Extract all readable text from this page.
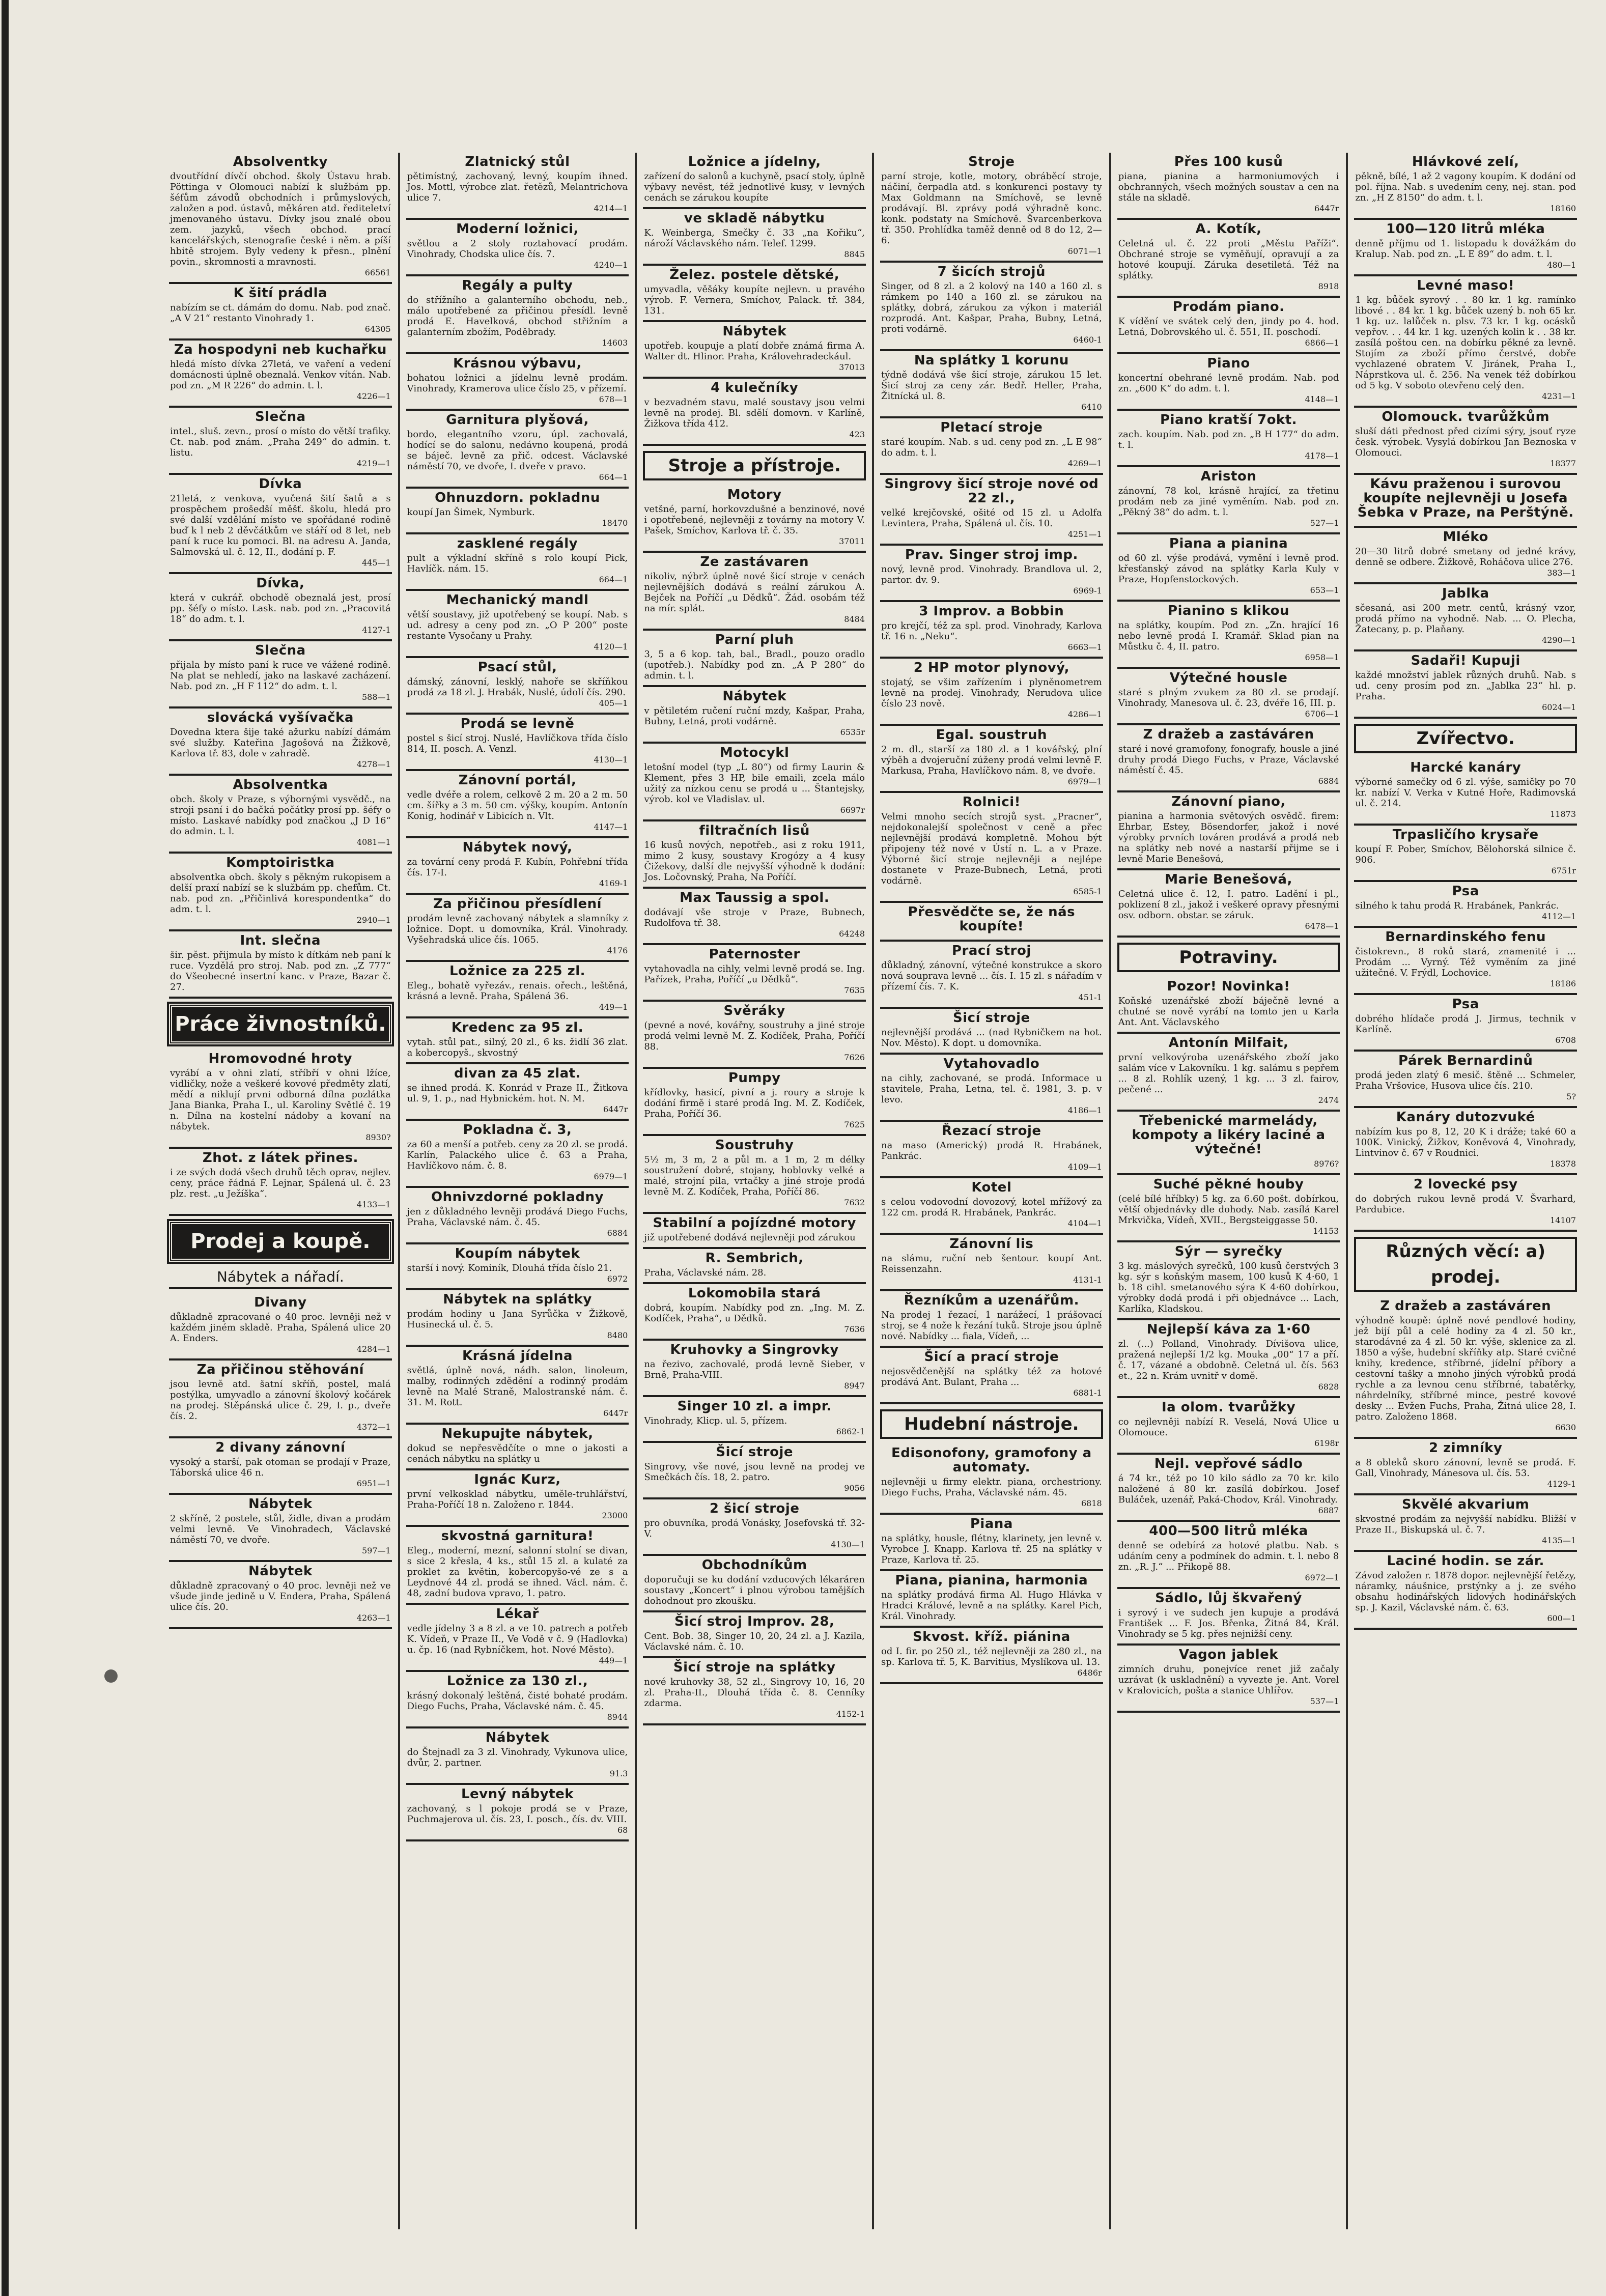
Absolventky

dvoutřídní dívčí obchod. školy Ústavu hrab. Pöttinga v Olomouci nabízí k službám pp. šéfům závodů obchodních i průmyslových, založen a pod. ústavů, měkáren atd. řediteletví jmenovaného ústavu. Dívky jsou znalé obou zem. jazyků, všech obchod. prací kancelářských, stenografie české i něm. a píší hbitě strojem. Byly vedeny k přesn., plnění povin., skromnosti a mravnosti.

66561
K šití prádla

nabízím se ct. dámám do domu. Nab. pod znač. „A V 21“ restanto Vinohrady 1.

64305
Za hospodyni neb kuchařku

hledá místo dívka 27letá, ve vaření a vedení domácnosti úplně obeznalá. Venkov vítán. Nab. pod zn. „M R 226“ do admin. t. l.

4226—1
Slečna

intel., sluš. zevn., prosí o místo do větší trafiky. Ct. nab. pod znám. „Praha 249“ do admin. t. listu.

4219—1
Dívka

21letá, z venkova, vyučená šití šatů a s prospěchem prošedší měšť. školu, hledá pro své další vzdělání místo ve spořádané rodině buď k l neb 2 děvčátkům ve stáří od 8 let, neb paní k ruce ku pomoci. Bl. na adresu A. Janda, Salmovská ul. č. 12, II., dodání p. F.

445—1
Dívka,

která v cukrář. obchodě obeznalá jest, prosí pp. šéfy o místo. Lask. nab. pod zn. „Pracovitá 18“ do adm. t. l.

4127-1
Slečna

přijala by místo paní k ruce ve vážené rodině. Na plat se nehledí, jako na laskavé zacházení. Nab. pod zn. „H F 112“ do adm. t. l.

588—1
slovácká vyšívačka

Dovedna ktera šije také ažurku nabízí dámám své služby. Kateřina Jagošová na Žižkově, Karlova tř. 83, dole v zahradě.

4278—1
Absolventka

obch. školy v Praze, s výbornými vysvědč., na stroji psaní i do bačká počátky prosí pp. šéfy o místo. Laskavé nabídky pod značkou „J D 16“ do admin. t. l.

4081—1
Komptoiristka

absolventka obch. školy s pěkným rukopisem a delší praxí nabízí se k službám pp. chefům. Ct. nab. pod zn. „Přičinlivá korespondentka“ do adm. t. l.

2940—1
Int. slečna

šir. pěst. přijmula by místo k dítkám neb paní k ruce. Vyzdělá pro stroj. Nab. pod zn. „Z 777“ do Všeobecné insertní kanc. v Praze, Bazar č. 27.

Práce živnostníků.
Hromovodné hroty

vyrábí a v ohni zlatí, stříbří v ohni lžíce, vidličky, nože a veškeré kovové předměty zlatí, mědí a niklují prvni odborná dílna pozlátka Jana Bianka, Praha I., ul. Karoliny Světlé č. 19 n. Dílna na kostelní nádoby a kovaní na nábytek.

8930?
Zhot. z látek přines.

i ze svých dodá všech druhů těch oprav, nejlev. ceny, práce řádná F. Lejnar, Spálená ul. č. 23 plz. rest. „u Ježíška“.

4133—1
Prodej a koupě.
Nábytek a nářadí.
Divany

důkladně zpracované o 40 proc. levněji než v každém jiném skladě. Praha, Spálená ulice 20 A. Enders.

4284—1
Za přičinou stěhování

jsou levně atd. šatní skříň, postel, malá postýlka, umyvadlo a zánovní školový kočárek na prodej. Stěpánská ulice č. 29, I. p., dveře čís. 2.

4372—1
2 divany zánovní

vysoký a starší, pak otoman se prodají v Praze, Táborská ulice 46 n.

6951—1
Nábytek

2 skříně, 2 postele, stůl, židle, divan a prodám velmi levně. Ve Vinohradech, Václavské náměstí 70, ve dvoře.

597—1
Nábytek

důkladně zpracovaný o 40 proc. levněji než ve všude jinde jedině u V. Endera, Praha, Spálená ulice čís. 20.

4263—1
Zlatnický stůl

pětimístný, zachovaný, levný, koupím ihned. Jos. Mottl, výrobce zlat. řetězů, Melantrichova ulice 7.

4214—1
Moderní ložnici,

světlou a 2 stoly roztahovací prodám. Vinohrady, Chodska ulice čís. 7.

4240—1
Regály a pulty

do střížního a galanterního obchodu, neb., málo upotřebené za přičinou přesídl. levně prodá E. Havelková, obchod střižním a galanterním zbožím, Poděbrady.

14603
Krásnou výbavu,

bohatou ložnici a jídelnu levně prodám. Vinohrady, Kramerova ulice číslo 25, v přízemí.

678—1
Garnitura plyšová,

bordo, elegantního vzoru, úpl. zachovalá, hodící se do salonu, nedávno koupená, prodá se báječ. levně za přič. odcest. Václavské náměstí 70, ve dvoře, I. dveře v pravo.

664—1
Ohnuzdorn. pokladnu

koupí Jan Šimek, Nymburk.

18470
zasklené regály

pult a výkladní skříně s rolo koupí Pick, Havlíčk. nám. 15.

664—1
Mechanický mandl

větší soustavy, již upotřebený se koupí. Nab. s ud. adresy a ceny pod zn. „O P 200“ poste restante Vysočany u Prahy.

4120—1
Psací stůl,

dámský, zánovní, lesklý, nahoře se skříňkou prodá za 18 zl. J. Hrabák, Nuslé, údolí čís. 290.

405—1
Prodá se levně

postel s šicí stroj. Nuslé, Havlíčkova třída číslo 814, II. posch. A. Venzl.

4130—1
Zánovní portál,

vedle dvéře a rolem, celkově 2 m. 20 a 2 m. 50 cm. šířky a 3 m. 50 cm. výšky, koupím. Antonín Konig, hodinář v Libicích n. Vlt.

4147—1
Nábytek nový,

za tovární ceny prodá F. Kubín, Pohřební třída čís. 17-I.

4169-1
Za přičinou přesídlení

prodám levně zachovaný nábytek a slamníky z ložnice. Dopt. u domovníka, Král. Vinohrady. Vyšehradská ulice čís. 1065.

4176
Ložnice za 225 zl.

Eleg., bohatě vyřezáv., renais. ořech., leštěná, krásná a levně. Praha, Spálená 36.

449—1
Kredenc za 95 zl.

vytah. stůl pat., silný, 20 zl., 6 ks. židlí 36 zlat. a kobercopyš., skvostný

divan za 45 zlat.

se ihned prodá. K. Konrád v Praze II., Žitkova ul. 9, 1. p., nad Hybnickém. hot. N. M.

6447r
Pokladna č. 3,

za 60 a menší a potřeb. ceny za 20 zl. se prodá. Karlín, Palackého ulice č. 63 a Praha, Havlíčkovo nám. č. 8.

6979—1
Ohnivzdorné pokladny

jen z důkladného levněji prodává Diego Fuchs, Praha, Václavské nám. č. 45.

6884
Koupím nábytek

starší i nový. Kominík, Dlouhá třída číslo 21.

6972
Nábytek na splátky

prodám hodiny u Jana Syrůčka v Žižkově, Husinecká ul. č. 5.

8480
Krásná jídelna

světlá, úplně nová, nádh. salon, linoleum, malby, rodinných zdědění a rodinný prodám levně na Malé Straně, Malostranské nám. č. 31. M. Rott.

6447r
Nekupujte nábytek,

dokud se nepřesvědčíte o mne o jakosti a cenách nábytku na splátky u

Ignác Kurz,

první velkosklad nábytku, uměle-truhlářství, Praha-Poříčí 18 n. Založeno r. 1844.

23000
skvostná garnitura!

Eleg., moderní, mezní, salonní stolní se divan, s sice 2 křesla, 4 ks., stůl 15 zl. a kulaté za proklet za květin, kobercopyšo-vé ze s a Leydnové 44 zl. prodá se ihned. Václ. nám. č. 48, zadní budova vpravo, 1. patro.

Lékař

vedle jídelny 3 a 8 zl. a ve 10. patrech a potřeb K. Vídeň, v Praze II., Ve Vodě v č. 9 (Hadlovka) u. čp. 16 (nad Rybníčkem, hot. Nové Město).

449—1
Ložnice za 130 zl.,

krásný dokonalý leštěná, čisté bohaté prodám. Diego Fuchs, Praha, Václavské nám. č. 45.

8944
Nábytek

do Štejnadl za 3 zl. Vinohrady, Vykunova ulice, dvůr, 2. partner.

91.3
Levný nábytek

zachovaný, s l pokoje prodá se v Praze, Puchmajerova ul. čís. 23, I. posch., čís. dv. VIII.

68
Ložnice a jídelny,

zařízení do salonů a kuchyně, psací stoly, úplně výbavy nevěst, též jednotlivé kusy, v levných cenách se zárukou koupíte

ve skladě nábytku

K. Weinberga, Smečky č. 33 „na Kořiku“, nároží Václavského nám. Telef. 1299.

8845
Želez. postele dětské,

umyvadla, věšáky koupíte nejlevn. u pravého výrob. F. Vernera, Smíchov, Palack. tř. 384, 131.

Nábytek

upotřeb. koupuje a platí dobře známá firma A. Walter dt. Hlinor. Praha, Královehradeckául.

37013
4 kulečníky

v bezvadném stavu, malé soustavy jsou velmi levně na prodej. Bl. sdělí domovn. v Karlíně, Žižkova třída 412.

423
Stroje a přístroje.
Motory

vetšné, parní, horkovzdušné a benzinové, nové i opotřebené, nejlevněji z továrny na motory V. Pašek, Smíchov, Karlova tř. č. 35.

37011
Ze zastávaren

nikoliv, nýbrž úplně nové šicí stroje v cenách nejlevnějších dodává s reální zárukou A. Bejček na Poříčí „u Dědků“. Žád. osobám též na mír. splát.

8484
Parní pluh

3, 5 a 6 kop. tah, bal., Bradl., pouzo oradlo (upotřeb.). Nabídky pod zn. „A P 280“ do admin. t. l.

Nábytek

v pětiletém ručení ruční mzdy, Kašpar, Praha, Bubny, Letná, proti vodárně.

6535r
Motocykl

letošní model (typ „L 80“) od firmy Laurin & Klement, přes 3 HP, bile emaili, zcela málo užitý za nízkou cenu se prodá u ... Štantejsky, výrob. kol ve Vladislav. ul.

6697r
filtračních lisů

16 kusů nových, nepotřeb., asi z roku 1911, mimo 2 kusy, soustavy Krogózy a 4 kusy Čižekovy, další dle nejvyšší výhodně k dodání: Jos. Ločovnský, Praha, Na Poříčí.

Max Taussig a spol.

dodávají vše stroje v Praze, Bubnech, Rudolfova tř. 38.

64248
Paternoster

vytahovadla na cihly, velmi levně prodá se. Ing. Pařízek, Praha, Poříčí „u Dědků“.

7635
Svěráky

(pevné a nové, kovářny, soustruhy a jiné stroje prodá velmi levně M. Z. Kodíček, Praha, Poříčí 88.

7626
Pumpy

křídlovky, hasicí, pivní a j. roury a stroje k dodání firmě i staré prodá Ing. M. Z. Kodíček, Praha, Poříčí 36.

7625
Soustruhy

5½ m, 3 m, 2 a půl m. a 1 m, 2 m délky soustružení dobré, stojany, hoblovky velké a malé, strojní pila, vrtačky a jiné stroje prodá levně M. Z. Kodíček, Praha, Poříčí 86.

7632
Stabilní a pojízdné motory

již upotřebené dodává nejlevněji pod zárukou

R. Sembrich,

Praha, Václavské nám. 28.

Lokomobila stará

dobrá, koupím. Nabídky pod zn. „Ing. M. Z. Kodíček, Praha“, u Dědků.

7636
Kruhovky a Singrovky

na řezivo, zachovalé, prodá levně Sieber, v Brně, Praha-VIII.

8947
Singer 10 zl. a impr.

Vinohrady, Klicp. ul. 5, přízem.

6862-1
Šicí stroje

Singrovy, vše nové, jsou levně na prodej ve Smečkách čís. 18, 2. patro.

9056
2 šicí stroje

pro obuvníka, prodá Vonásky, Josefovská tř. 32-V.

4130—1
Obchodníkům

doporučuji se ku dodání vzducových lékaráren soustavy „Koncert“ i plnou výrobou tamějších dohodnout pro zkoušku.

Šicí stroj Improv. 28,

Cent. Bob. 38, Singer 10, 20, 24 zl. a J. Kazila, Václavské nám. č. 10.

Šicí stroje na splátky

nové kruhovky 38, 52 zl., Singrovy 10, 16, 20 zl. Praha-II., Dlouhá třída č. 8. Cenníky zdarma.

4152-1
Stroje

parní stroje, kotle, motory, obráběcí stroje, náčiní, čerpadla atd. s konkurenci postavy ty Max Goldmann na Smíchově, se levně prodávají. Bl. zprávy podá výhradně konc. konk. podstaty na Smíchově. Švarcenberkova tř. 350. Prohlídka taměž denně od 8 do 12, 2—6.

6071—1
7 šicích strojů

Singer, od 8 zl. a 2 kolový na 140 a 160 zl. s rámkem po 140 a 160 zl. se zárukou na splátky, dobrá, zárukou za výkon i materiál rozprodá. Ant. Kašpar, Praha, Bubny, Letná, proti vodárně.

6460-1
Na splátky 1 korunu

týdně dodává vše šicí stroje, zárukou 15 let. Šicí stroj za ceny zár. Bedř. Heller, Praha, Žitnícká ul. 8.

6410
Pletací stroje

staré koupím. Nab. s ud. ceny pod zn. „L E 98“ do adm. t. l.

4269—1
Singrovy šicí stroje nové od 22 zl.,

velké krejčovské, ošité od 15 zl. u Adolfa Levintera, Praha, Spálená ul. čís. 10.

4251—1
Prav. Singer stroj imp.

nový, levně prod. Vinohrady. Brandlova ul. 2, partor. dv. 9.

6969-1
3 Improv. a Bobbin

pro krejčí, též za spl. prod. Vinohrady, Karlova tř. 16 n. „Neku“.

6663—1
2 HP motor plynový,

stojatý, se všim zařízením i plyněnometrem levně na prodej. Vinohrady, Nerudova ulice číslo 23 nově.

4286—1
Egal. soustruh

2 m. dl., starší za 180 zl. a 1 kovářský, plní výběh a dvojeruční zúženy prodá velmi levně F. Markusa, Praha, Havlíčkovo nám. 8, ve dvoře.

6979—1
Rolnici!

Velmi mnoho secích strojů syst. „Pracner“, nejdokonalejší společnost v ceně a přec nejlevnější prodává kompletně. Mohou být připojeny též nové v Ústí n. L. a v Praze. Výborné šicí stroje nejlevněji a nejlépe dostanete v Praze-Bubnech, Letná, proti vodárně.

6585-1
Přesvědčte se, že nás koupíte!
Prací stroj

důkladný, zánovní, výtečné konstrukce a skoro nová souprava levně ... čís. I. 15 zl. s nářadím v přízemí čís. 7. K.

451-1
Šicí stroje

nejlevnější prodává ... (nad Rybničkem na hot. Nov. Město). K dopt. u domovníka.

Vytahovadlo

na cihly, zachované, se prodá. Informace u stavitele, Praha, Letna, tel. č. 1981, 3. p. v levo.

4186—1
Řezací stroje

na maso (Americký) prodá R. Hrabánek, Pankrác.

4109—1
Kotel

s celou vodovodní dovozový, kotel mřížový za 122 cm. prodá R. Hrabánek, Pankrác.

4104—1
Zánovní lis

na slámu, ruční neb šentour. koupí Ant. Reissenzahn.

4131-1
Řezníkům a uzenářům.

Na prodej 1 řezací, 1 narážecí, 1 prášovací stroj, se 4 nože k řezání tuků. Stroje jsou úplně nové. Nabídky ... fiala, Vídeň, ...

Šicí a prací stroje

nejosvědčenější na splátky též za hotové prodává Ant. Bulant, Praha ...

6881-1
Hudební nástroje.
Edisonofony, gramofony a automaty.

nejlevněji u firmy elektr. piana, orchestriony. Diego Fuchs, Praha, Václavské nám. 45.

6818
Piana

na splátky, housle, flétny, klarinety, jen levně v. Vyrobce J. Knapp. Karlova tř. 25 na splátky v Praze, Karlova tř. 25.

Piana, pianina, harmonia

na splátky prodává firma Al. Hugo Hlávka v Hradci Králové, levně a na splátky. Karel Pich, Král. Vinohrady.

Skvost. kříž. piánina

od I. fir. po 250 zl., též nejlevněji za 280 zl., na sp. Karlova tř. 5, K. Barvitius, Myslíkova ul. 13.

6486r
Přes 100 kusů

piana, pianina a harmoniumových i obchranných, všech možných soustav a cen na stále na skladě.

6447r
A. Kotík,

Celetná ul. č. 22 proti „Městu Paříži“. Obchrané stroje se vyměňují, opravují a za hotové koupují. Záruka desetiletá. Též na splátky.

8918
Prodám piano.

K vídění ve svátek celý den, jindy po 4. hod. Letná, Dobrovského ul. č. 551, II. poschodí.

6866—1
Piano

koncertní obehrané levně prodám. Nab. pod zn. „600 K“ do adm. t. l.

4148—1
Piano kratší 7okt.

zach. koupím. Nab. pod zn. „B H 177“ do adm. t. l.

4178—1
Ariston

zánovní, 78 kol, krásně hrající, za třetinu prodám neb za jiné vyměním. Nab. pod zn. „Pěkný 38“ do adm. t. l.

527—1
Piana a pianina

od 60 zl. výše prodává, vymění i levně prod. křesťanský závod na splátky Karla Kuly v Praze, Hopfenstockových.

653—1
Pianino s klikou

na splátky, koupím. Pod zn. „Zn. hrající 16 nebo levně prodá I. Kramář. Sklad pian na Můstku č. 4, II. patro.

6958—1
Výtečné housle

staré s plným zvukem za 80 zl. se prodají. Vinohrady, Manesova ul. č. 23, dvéře 16, III. p.

6706—1
Z dražeb a zastáváren

staré i nové gramofony, fonografy, housle a jiné druhy prodá Diego Fuchs, v Praze, Václavské náměstí č. 45.

6884
Zánovní piano,

pianina a harmonia světových osvědč. firem: Ehrbar, Estey, Bösendorfer, jakož i nové výrobky prvních továren prodává a prodá neb na splátky neb nové a nastarší přijme se i levně Marie Benešová,

Marie Benešová,

Celetná ulice č. 12, I. patro. Ladění i pl., poklizení 8 zl., jakož i veškeré opravy přesnými osv. odborn. obstar. se záruk.

6478—1
Potraviny.
Pozor! Novinka!

Koňské uzenářské zboží báječně levné a chutné se nově vyrábí na tomto jen u Karla Ant. Ant. Václavského

Antonín Milfait,

první velkovýroba uzenářského zboží jako salám více v Lakovníku. 1 kg. salámu s pepřem ... 8 zl. Rohlík uzený, 1 kg. ... 3 zl. fairov, pečené ...

2474
Třebenické marmelády, kompoty a likéry laciné a výtečné!
8976?
Suché pěkné houby

(celé bílé hříbky) 5 kg. za 6.60 pošt. dobírkou, větší objednávky dle dohody. Nab. zasílá Karel Mrkvička, Vídeň, XVII., Bergsteiggasse 50.

14153
Sýr — syrečky

3 kg. máslových syrečků, 100 kusů čerstvých 3 kg. sýr s koňským masem, 100 kusů K 4·60, 1 b. 18 cihl. smetanového sýra K 4·60 dobírkou, výrobky dodá prodá i při objednávce ... Lach, Karlíka, Kladskou.

Nejlepší káva za 1·60

zl. (...) Polland, Vinohrady. Dívišova ulice, pražená nejlepší 1/2 kg. Mouka „00“ 17 a pří. č. 17, vázané a obdobně. Celetná ul. čís. 563 et., 22 n. Krám uvnitř v domě.

6828
Ia olom. tvarůžky

co nejlevněji nabízí R. Veselá, Nová Ulice u Olomouce.

6198r
Nejl. vepřové sádlo

á 74 kr., též po 10 kilo sádlo za 70 kr. kilo naložené á 80 kr. zasílá dobírkou. Josef Buláček, uzenář, Paká-Chodov, Král. Vinohrady.

6887
400—500 litrů mléka

denně se odebírá za hotové platbu. Nab. s udáním ceny a podmínek do admin. t. l. nebo 8 zn. „R. J.“ ... Přikopě 88.

6972—1
Sádlo, lůj škvařený

i syrový i ve sudech jen kupuje a prodává František ... F. Jos. Břenka, Žitná 84, Král. Vinohrady se 5 kg. přes nejnižší ceny.

Vagon jablek

zimních druhu, ponejvíce renet již začaly uzrávat (k uskladnění) a vyvezte je. Ant. Vorel v Kralovicích, pošta a stanice Uhlířov.

537—1
Hlávkové zelí,

pěkně, bílé, 1 až 2 vagony koupím. K dodání od pol. října. Nab. s uvedením ceny, nej. stan. pod zn. „H Z 8150“ do adm. t. l.

18160
100—120 litrů mléka

denně příjmu od 1. listopadu k dovážkám do Kralup. Nab. pod zn. „L E 89“ do adm. t. l.

480—1
Levné maso!

1 kg. bůček syrový . . 80 kr. 1 kg. ramínko libové . . 84 kr. 1 kg. bůček uzený b. noh 65 kr. 1 kg. uz. lalůček n. plsv. 73 kr. 1 kg. ocásků vepřov. . . 44 kr. 1 kg. uzených kolin k . . 38 kr. zasílá poštou cen. na dobírku pěkné za levně. Stojím za zboží přímo čerstvé, dobře vychlazené obratem V. Jiránek, Praha I., Náprstkova ul. č. 256. Na venek též dobírkou od 5 kg. V soboto otevřeno celý den.

4231—1
Olomouck. tvarůžkům

sluší dáti přednost před cizími sýry, jsouť ryze česk. výrobek. Vysylá dobírkou Jan Beznoska v Olomouci.

18377
Kávu praženou i surovou koupíte nejlevněji u Josefa Šebka v Praze, na Perštýně.
Mléko

20—30 litrů dobré smetany od jedné krávy, denně se odbere. Žižkově, Roháčova ulice 276.

383—1
Jablka

sčesaná, asi 200 metr. centů, krásný vzor, prodá přímo na vyhodně. Nab. ... O. Plecha, Žatecany, p. p. Plaňany.

4290—1
Sadaři! Kupuji

každé množství jablek různých druhů. Nab. s ud. ceny prosím pod zn. „Jablka 23“ hl. p. Praha.

6024—1
Zvířectvo.
Harcké kanáry

výborné samečky od 6 zl. výše, samičky po 70 kr. nabízí V. Verka v Kutné Hoře, Radimovská ul. č. 214.

11873
Trpasličího krysaře

koupí F. Pober, Smíchov, Bělohorská silnice č. 906.

6751r
Psa

silného k tahu prodá R. Hrabánek, Pankrác.

4112—1
Bernardinského fenu

čistokrevn., 8 roků stará, znamenité i ... Prodám ... Vyrný. Též vyměním za jiné užitečné. V. Frýdl, Lochovice.

18186
Psa

dobrého hlídače prodá J. Jirmus, technik v Karlíně.

6708
Párek Bernardinů

prodá jeden zlatý 6 mesič. štěně ... Schmeler, Praha Vršovice, Husova ulice čís. 210.

5?
Kanáry dutozvuké

nabízím kus po 8, 12, 20 K i dráže; také 60 a 100K. Vinický, Žižkov, Koněvová 4, Vinohrady, Lintvinov č. 67 v Roudnici.

18378
2 lovecké psy

do dobrých rukou levně prodá V. Švarhard, Pardubice.

14107
Různých věcí: a) prodej.
Z dražeb a zastáváren

výhodně koupě: úplně nové pendlové hodiny, jež bijí půl a celé hodiny za 4 zl. 50 kr., starodávné za 4 zl. 50 kr. výše, sklenice za zl. 1850 a výše, hudební skříňky atp. Staré cvičné knihy, kredence, stříbrné, jídelní příbory a cestovní tašky a mnoho jiných výrobků prodá rychle a za levnou cenu stříbrné, tabatěrky, náhrdelníky, stříbrné mince, pestré kovové desky ... Evžen Fuchs, Praha, Žitná ulice 28, I. patro. Založeno 1868.

6630
2 zimníky

a 8 obleků skoro zánovní, levně se prodá. F. Gall, Vinohrady, Mánesova ul. čís. 53.

4129-1
Skvělé akvarium

skvostné prodám za nejvyšší nabídku. Bližší v Praze II., Biskupská ul. č. 7.

4135—1
Laciné hodin. se zár.

Závod založen r. 1878 dopor. nejlevnější řetězy, náramky, náušnice, prstýnky a j. ze svého obsahu hodinářských lidových hodinářských sp. J. Kazil, Václavské nám. č. 63.

600—1
